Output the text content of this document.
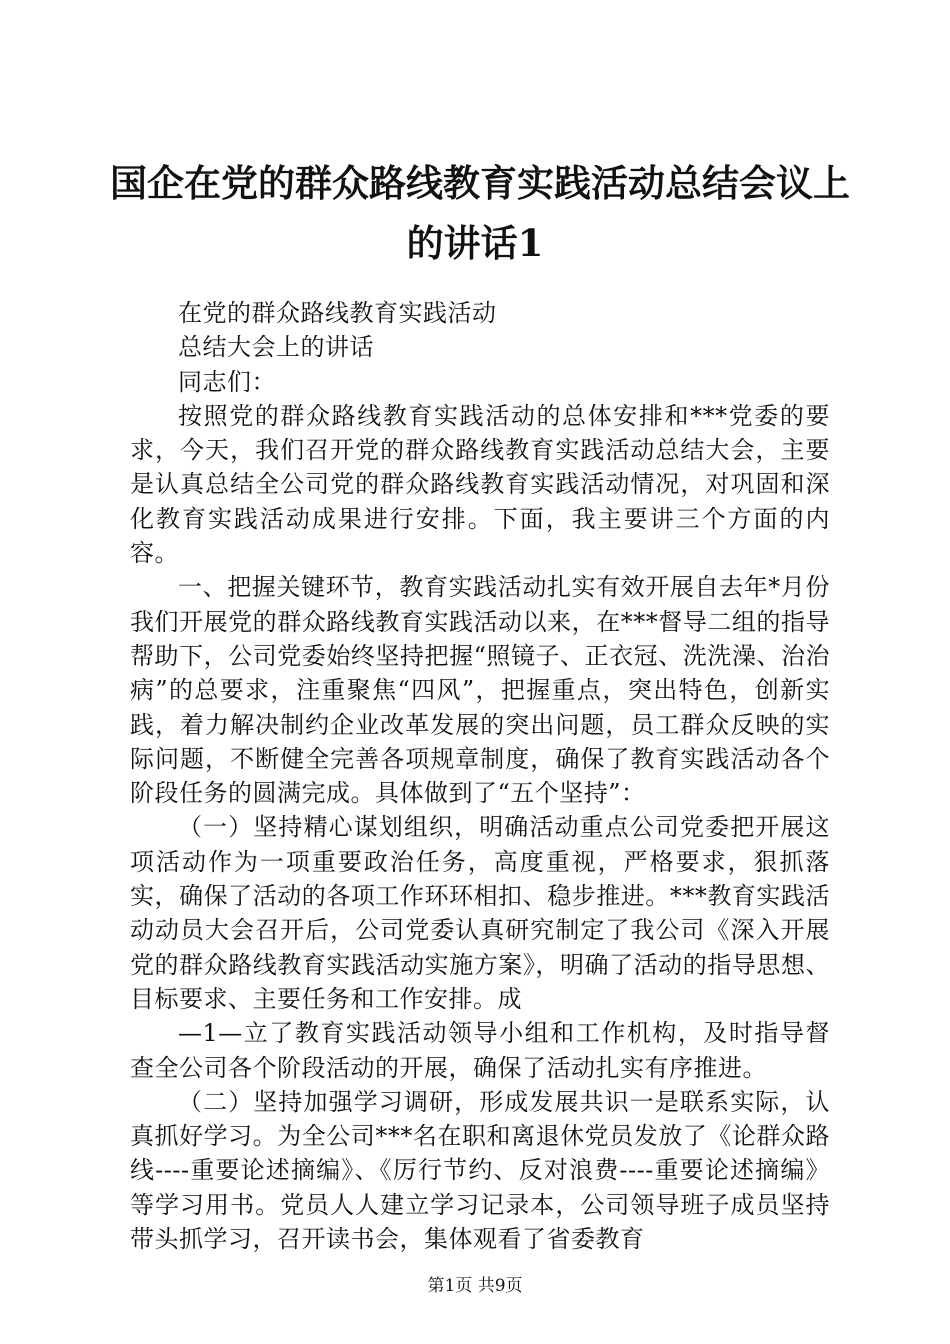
国企在党的群众路线教育实践活动总结会议上
的讲话1

在党的群众路线教育实践活动

总结大会上的讲话

同志们：

按照党的群众路线教育实践活动的总体安排和***党委的要求，今天，我们召开党的群众路线教育实践活动总结大会，主要是认真总结全公司党的群众路线教育实践活动情况，对巩固和深化教育实践活动成果进行安排。下面，我主要讲三个方面的内容。

一、把握关键环节，教育实践活动扎实有效开展自去年*月份我们开展党的群众路线教育实践活动以来，在***督导二组的指导帮助下，公司党委始终坚持把握“照镜子、正衣冠、洗洗澡、治治病”的总要求，注重聚焦“四风”，把握重点，突出特色，创新实践，着力解决制约企业改革发展的突出问题，员工群众反映的实际问题，不断健全完善各项规章制度，确保了教育实践活动各个阶段任务的圆满完成。具体做到了“五个坚持”：

（一）坚持精心谋划组织，明确活动重点公司党委把开展这项活动作为一项重要政治任务，高度重视，严格要求，狠抓落实，确保了活动的各项工作环环相扣、稳步推进。***教育实践活动动员大会召开后，公司党委认真研究制定了我公司《深入开展党的群众路线教育实践活动实施方案》，明确了活动的指导思想、目标要求、主要任务和工作安排。成

—1—立了教育实践活动领导小组和工作机构，及时指导督查全公司各个阶段活动的开展，确保了活动扎实有序推进。

（二）坚持加强学习调研，形成发展共识一是联系实际，认真抓好学习。为全公司***名在职和离退休党员发放了《论群众路线----重要论述摘编》、《厉行节约、反对浪费----重要论述摘编》等学习用书。党员人人建立学习记录本，公司领导班子成员坚持带头抓学习，召开读书会，集体观看了省委教育

第1页 共9页
